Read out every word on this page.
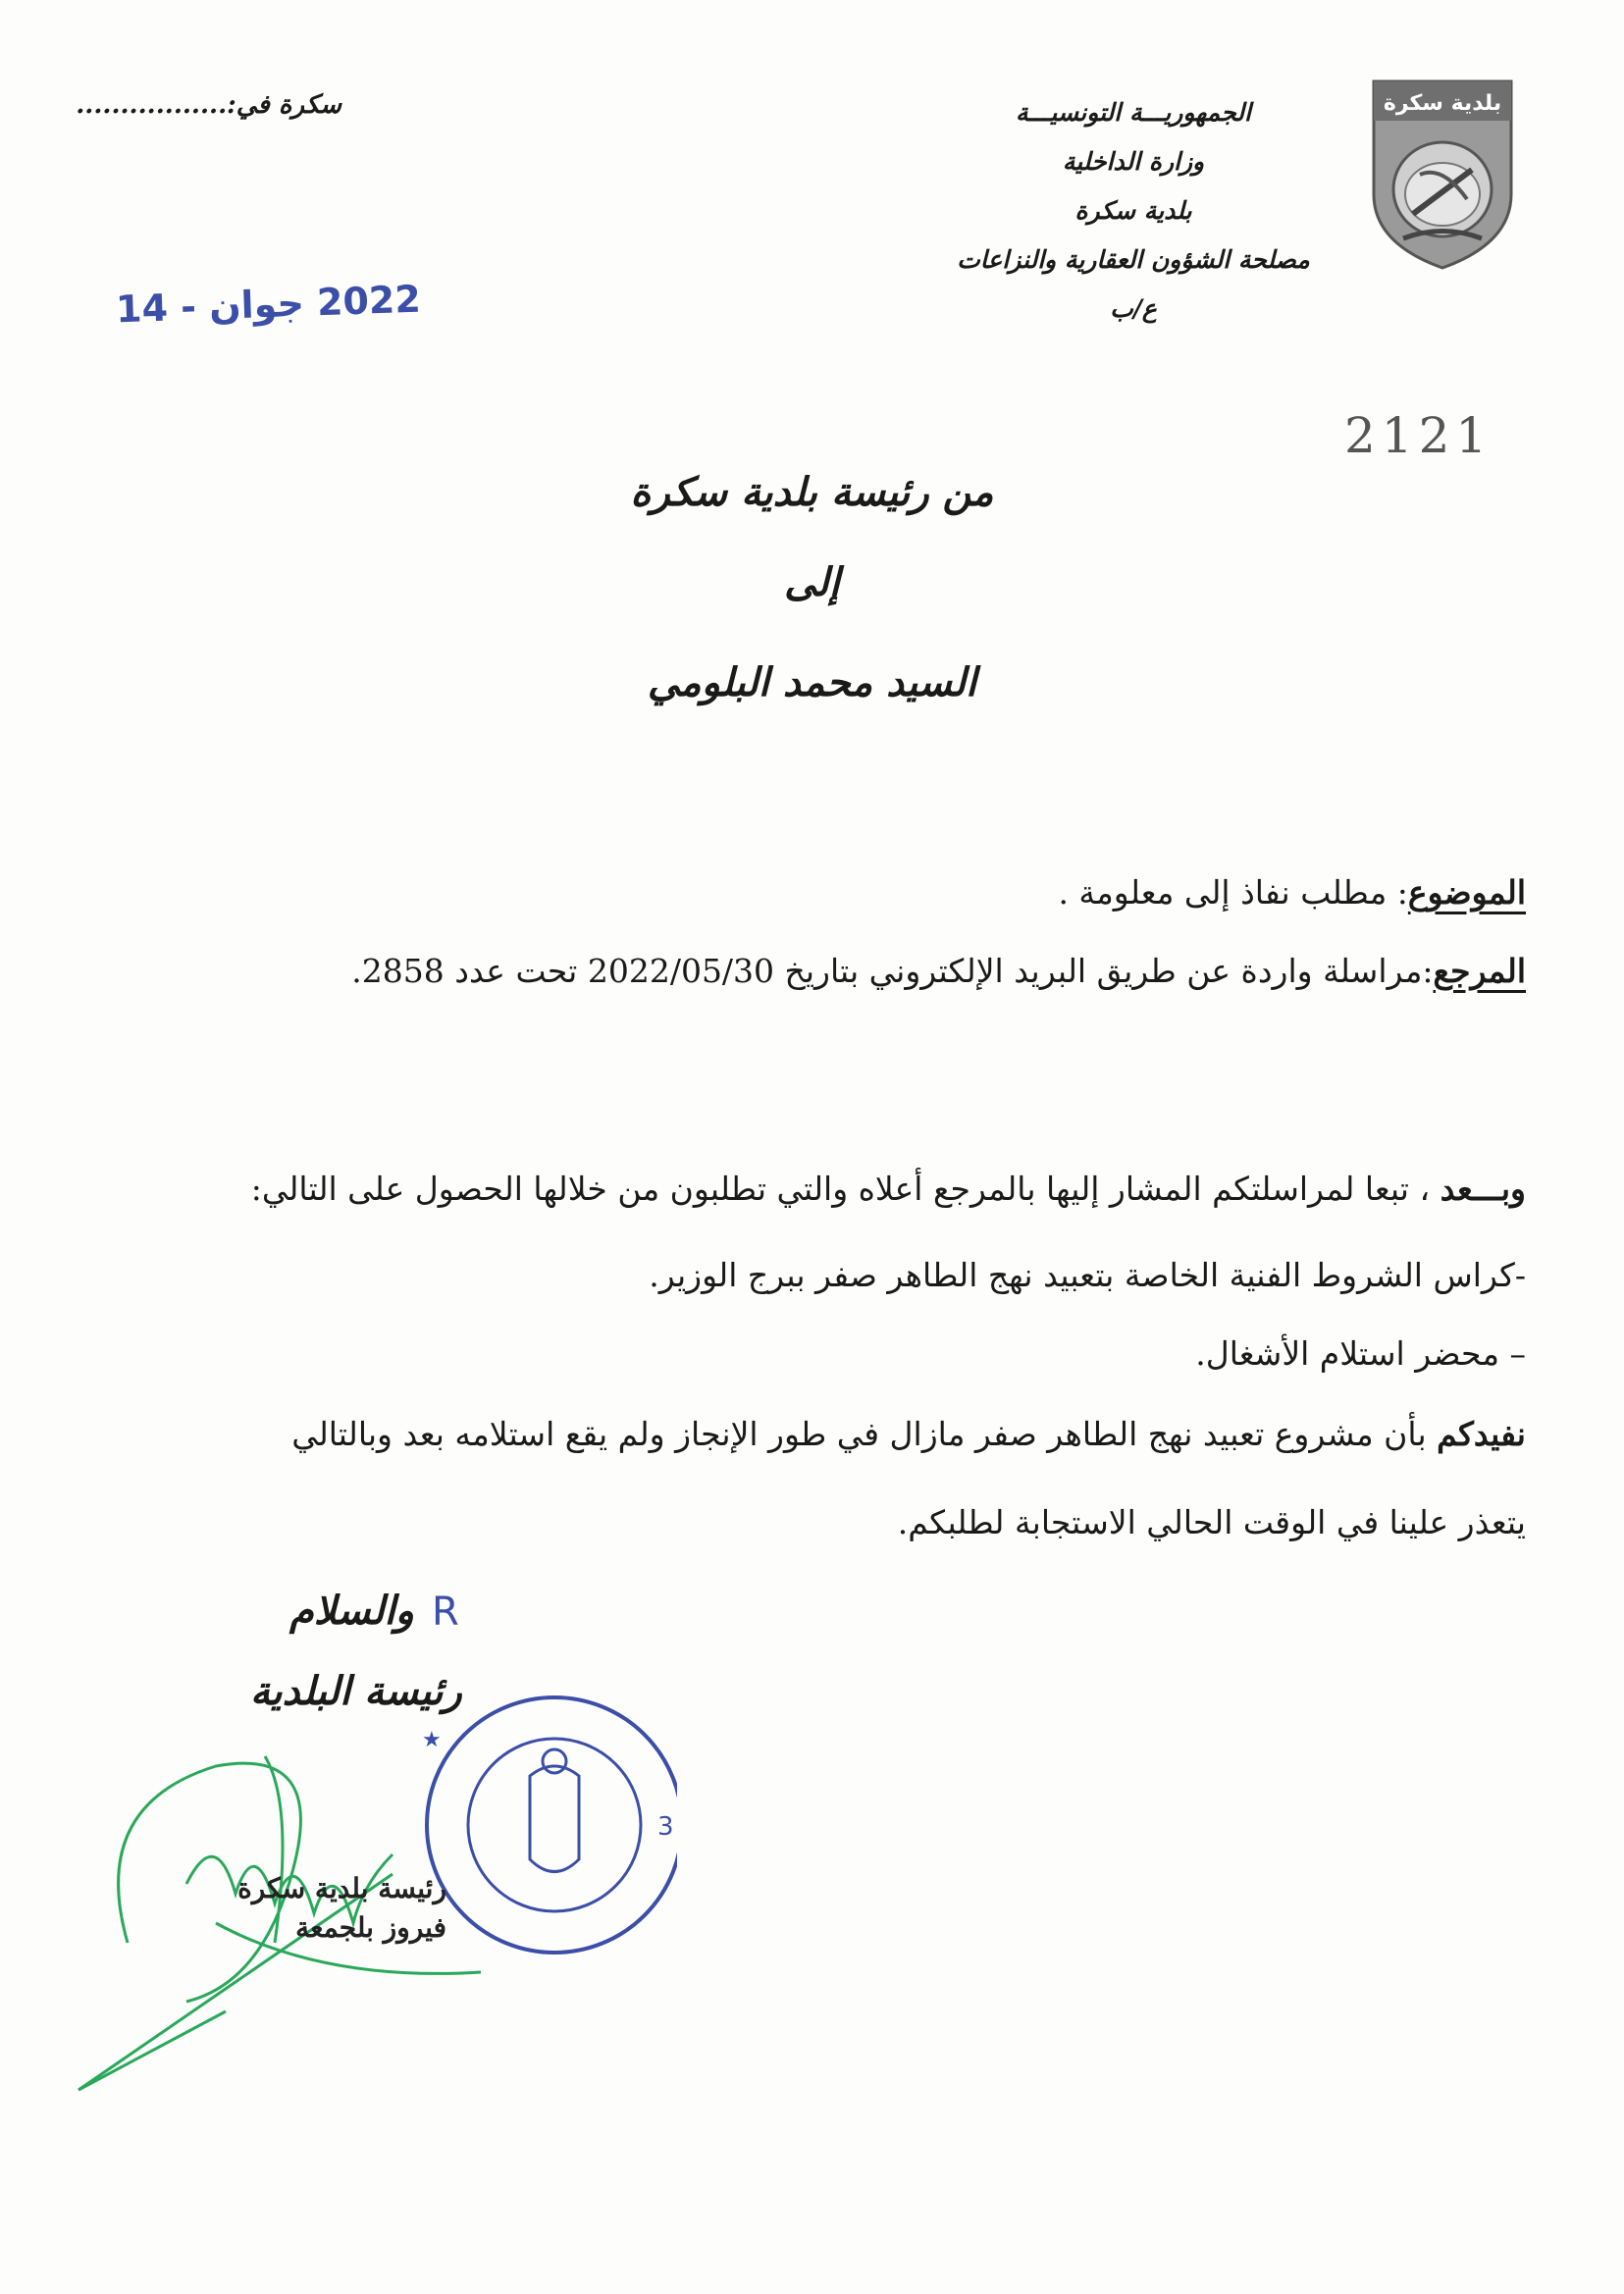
سكرة في:.................
2022 جوان - 14
الجمهوريـــة التونسيـــة
وزارة الداخلية
بلدية سكرة
مصلحة الشؤون العقارية والنزاعات
ع/ب
بلدية سكرة
2121
من رئيسة بلدية سكرة
إلى
السيد محمد البلومي
الموضوع: مطلب نفاذ إلى معلومة .
المرجع:مراسلة واردة عن طريق البريد الإلكتروني بتاريخ 2022/05/30 تحت عدد 2858.
وبـــعد ، تبعا لمراسلتكم المشار إليها بالمرجع أعلاه والتي تطلبون من خلالها الحصول على التالي:
-كراس الشروط الفنية الخاصة بتعبيد نهج الطاهر صفر ببرج الوزير.
– محضر استلام الأشغال.
نفيدكم بأن مشروع تعبيد نهج الطاهر صفر مازال في طور الإنجاز ولم يقع استلامه بعد وبالتالي
يتعذر علينا في الوقت الحالي الاستجابة لطلبكم.
والسلام R
رئيسة البلدية
3
★
رئيسة بلدية سكرة
فيروز بلجمعة
